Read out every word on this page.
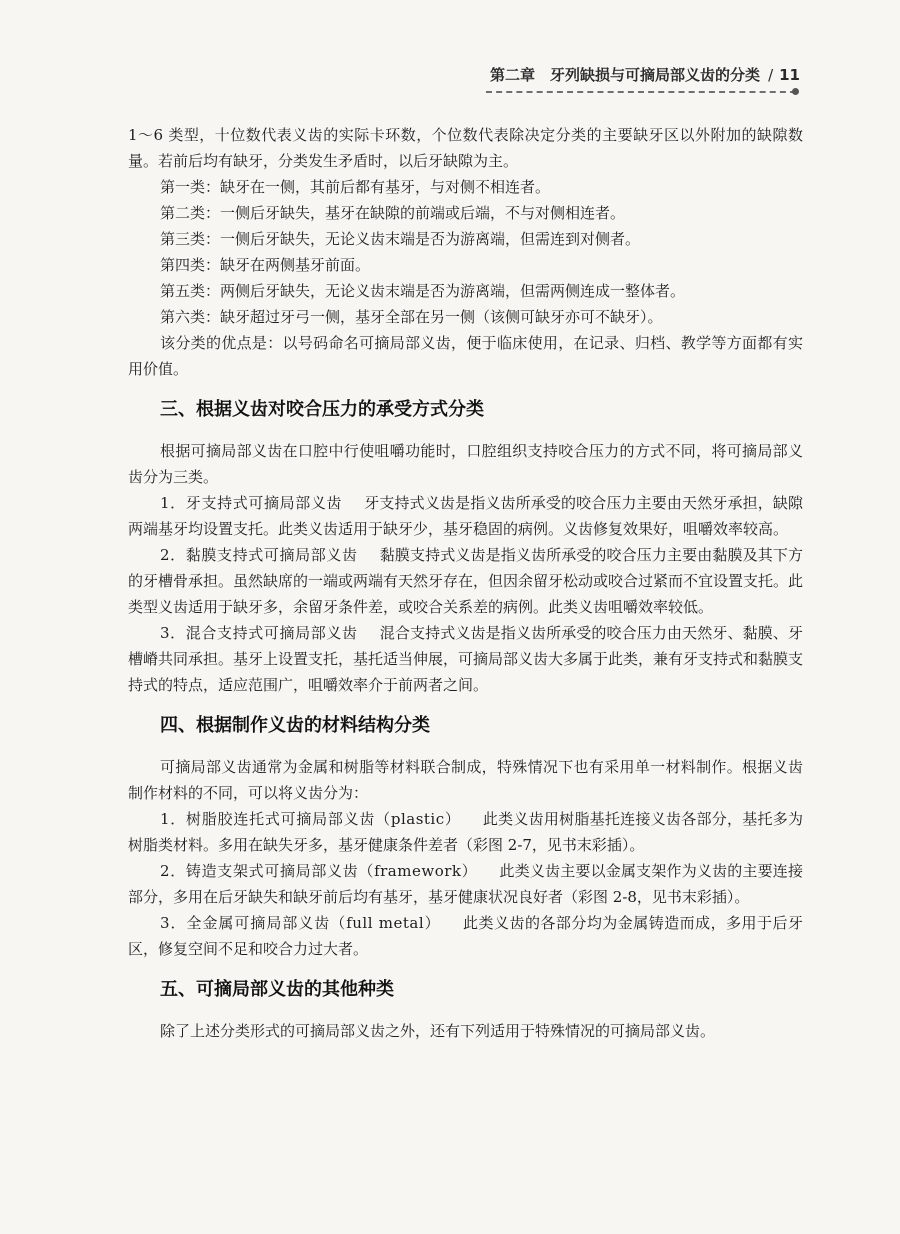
第二章　牙列缺损与可摘局部义齿的分类 / 11

1～6 类型，十位数代表义齿的实际卡环数，个位数代表除决定分类的主要缺牙区以外附加的缺隙数量。若前后均有缺牙，分类发生矛盾时，以后牙缺隙为主。

第一类：缺牙在一侧，其前后都有基牙，与对侧不相连者。

第二类：一侧后牙缺失，基牙在缺隙的前端或后端，不与对侧相连者。

第三类：一侧后牙缺失，无论义齿末端是否为游离端，但需连到对侧者。

第四类：缺牙在两侧基牙前面。

第五类：两侧后牙缺失，无论义齿末端是否为游离端，但需两侧连成一整体者。

第六类：缺牙超过牙弓一侧，基牙全部在另一侧（该侧可缺牙亦可不缺牙）。

该分类的优点是：以号码命名可摘局部义齿，便于临床使用，在记录、归档、教学等方面都有实用价值。

三、根据义齿对咬合压力的承受方式分类

根据可摘局部义齿在口腔中行使咀嚼功能时，口腔组织支持咬合压力的方式不同，将可摘局部义齿分为三类。

1．牙支持式可摘局部义齿 牙支持式义齿是指义齿所承受的咬合压力主要由天然牙承担，缺隙两端基牙均设置支托。此类义齿适用于缺牙少，基牙稳固的病例。义齿修复效果好，咀嚼效率较高。

2．黏膜支持式可摘局部义齿 黏膜支持式义齿是指义齿所承受的咬合压力主要由黏膜及其下方的牙槽骨承担。虽然缺席的一端或两端有天然牙存在，但因余留牙松动或咬合过紧而不宜设置支托。此类型义齿适用于缺牙多，余留牙条件差，或咬合关系差的病例。此类义齿咀嚼效率较低。

3．混合支持式可摘局部义齿 混合支持式义齿是指义齿所承受的咬合压力由天然牙、黏膜、牙槽嵴共同承担。基牙上设置支托，基托适当伸展，可摘局部义齿大多属于此类，兼有牙支持式和黏膜支持式的特点，适应范围广，咀嚼效率介于前两者之间。

四、根据制作义齿的材料结构分类

可摘局部义齿通常为金属和树脂等材料联合制成，特殊情况下也有采用单一材料制作。根据义齿制作材料的不同，可以将义齿分为：

1．树脂胶连托式可摘局部义齿（plastic） 此类义齿用树脂基托连接义齿各部分，基托多为树脂类材料。多用在缺失牙多，基牙健康条件差者（彩图 2-7，见书末彩插）。

2．铸造支架式可摘局部义齿（framework） 此类义齿主要以金属支架作为义齿的主要连接部分，多用在后牙缺失和缺牙前后均有基牙，基牙健康状况良好者（彩图 2-8，见书末彩插）。

3．全金属可摘局部义齿（full metal） 此类义齿的各部分均为金属铸造而成，多用于后牙区，修复空间不足和咬合力过大者。

五、可摘局部义齿的其他种类

除了上述分类形式的可摘局部义齿之外，还有下列适用于特殊情况的可摘局部义齿。
